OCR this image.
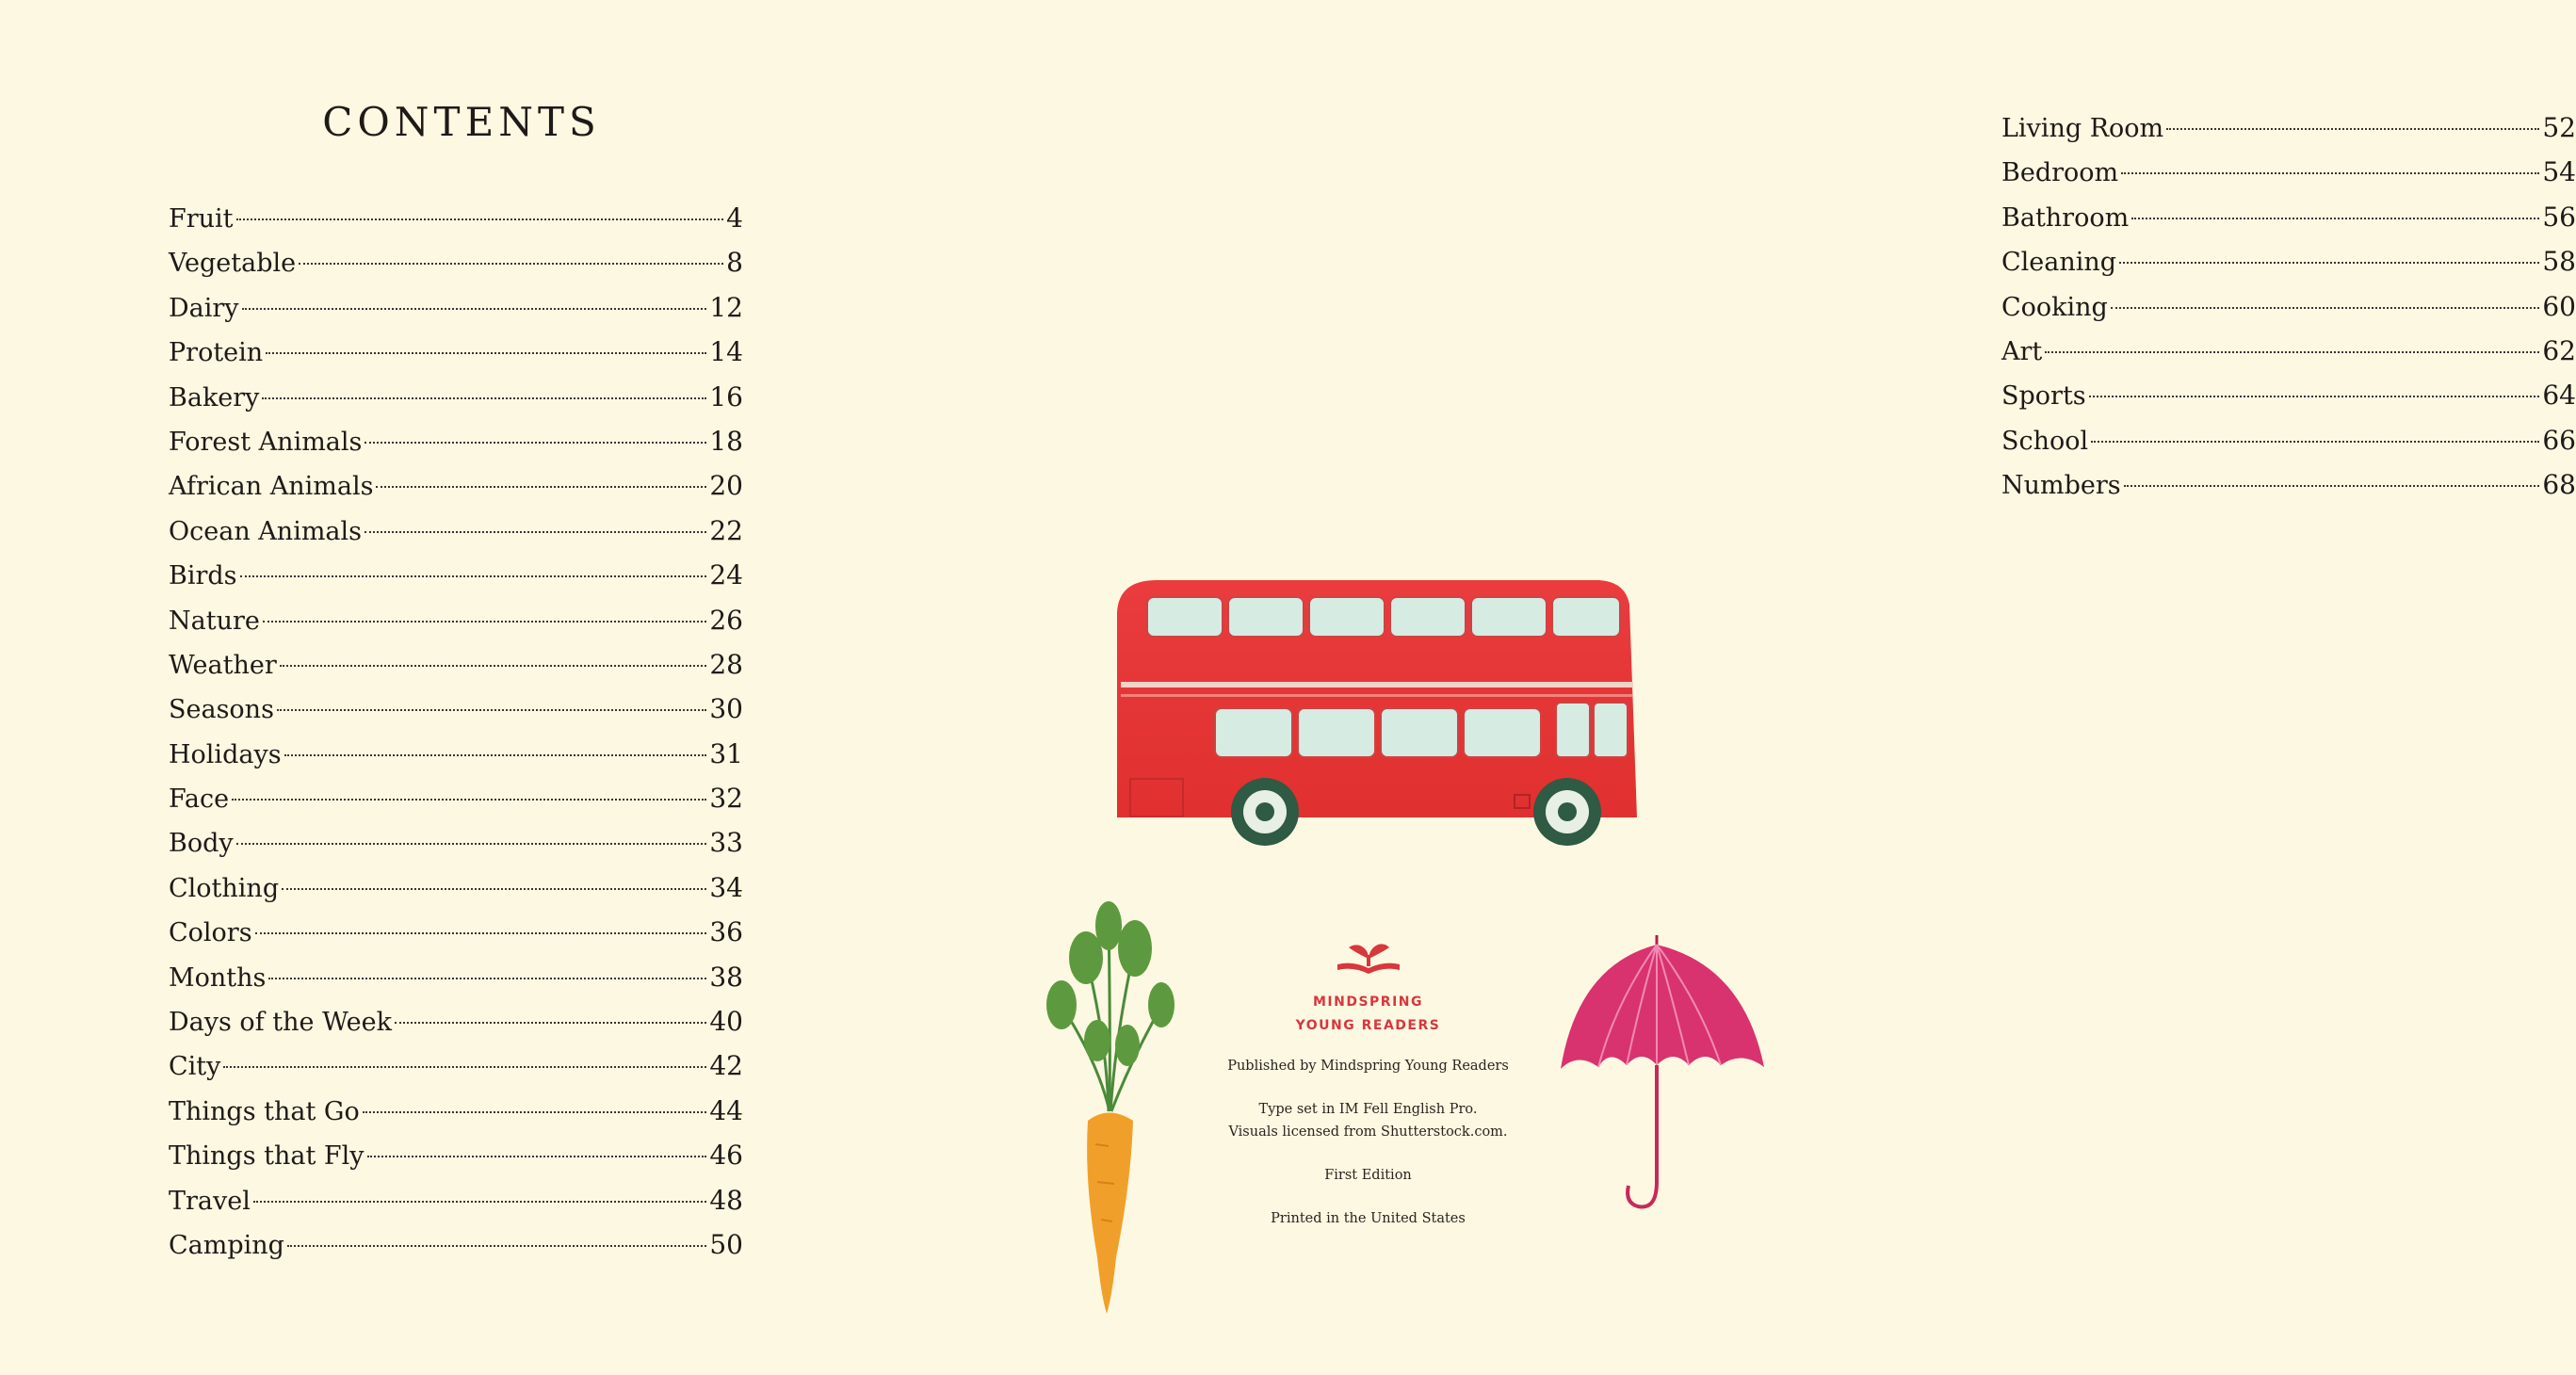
CONTENTS
Fruit	4
Vegetable	8
Dairy	12
Protein	14
Bakery	16
Forest Animals	18
African Animals	20
Ocean Animals	22
Birds	24
Nature	26
Weather	28
Seasons	30
Holidays	31
Face	32
Body	33
Clothing	34
Colors	36
Months	38
Days of the Week	40
City	42
Things that Go	44
Things that Fly	46
Travel	48
Camping	50
Living Room	52
Bedroom	54
Bathroom	56
Cleaning	58
Cooking	60
Art	62
Sports	64
School	66
Numbers	68
MINDSPRING
YOUNG READERS

Published by Mindspring Young Readers

Type set in IM Fell English Pro.

Visuals licensed from Shutterstock.com.

First Edition

Printed in the United States
